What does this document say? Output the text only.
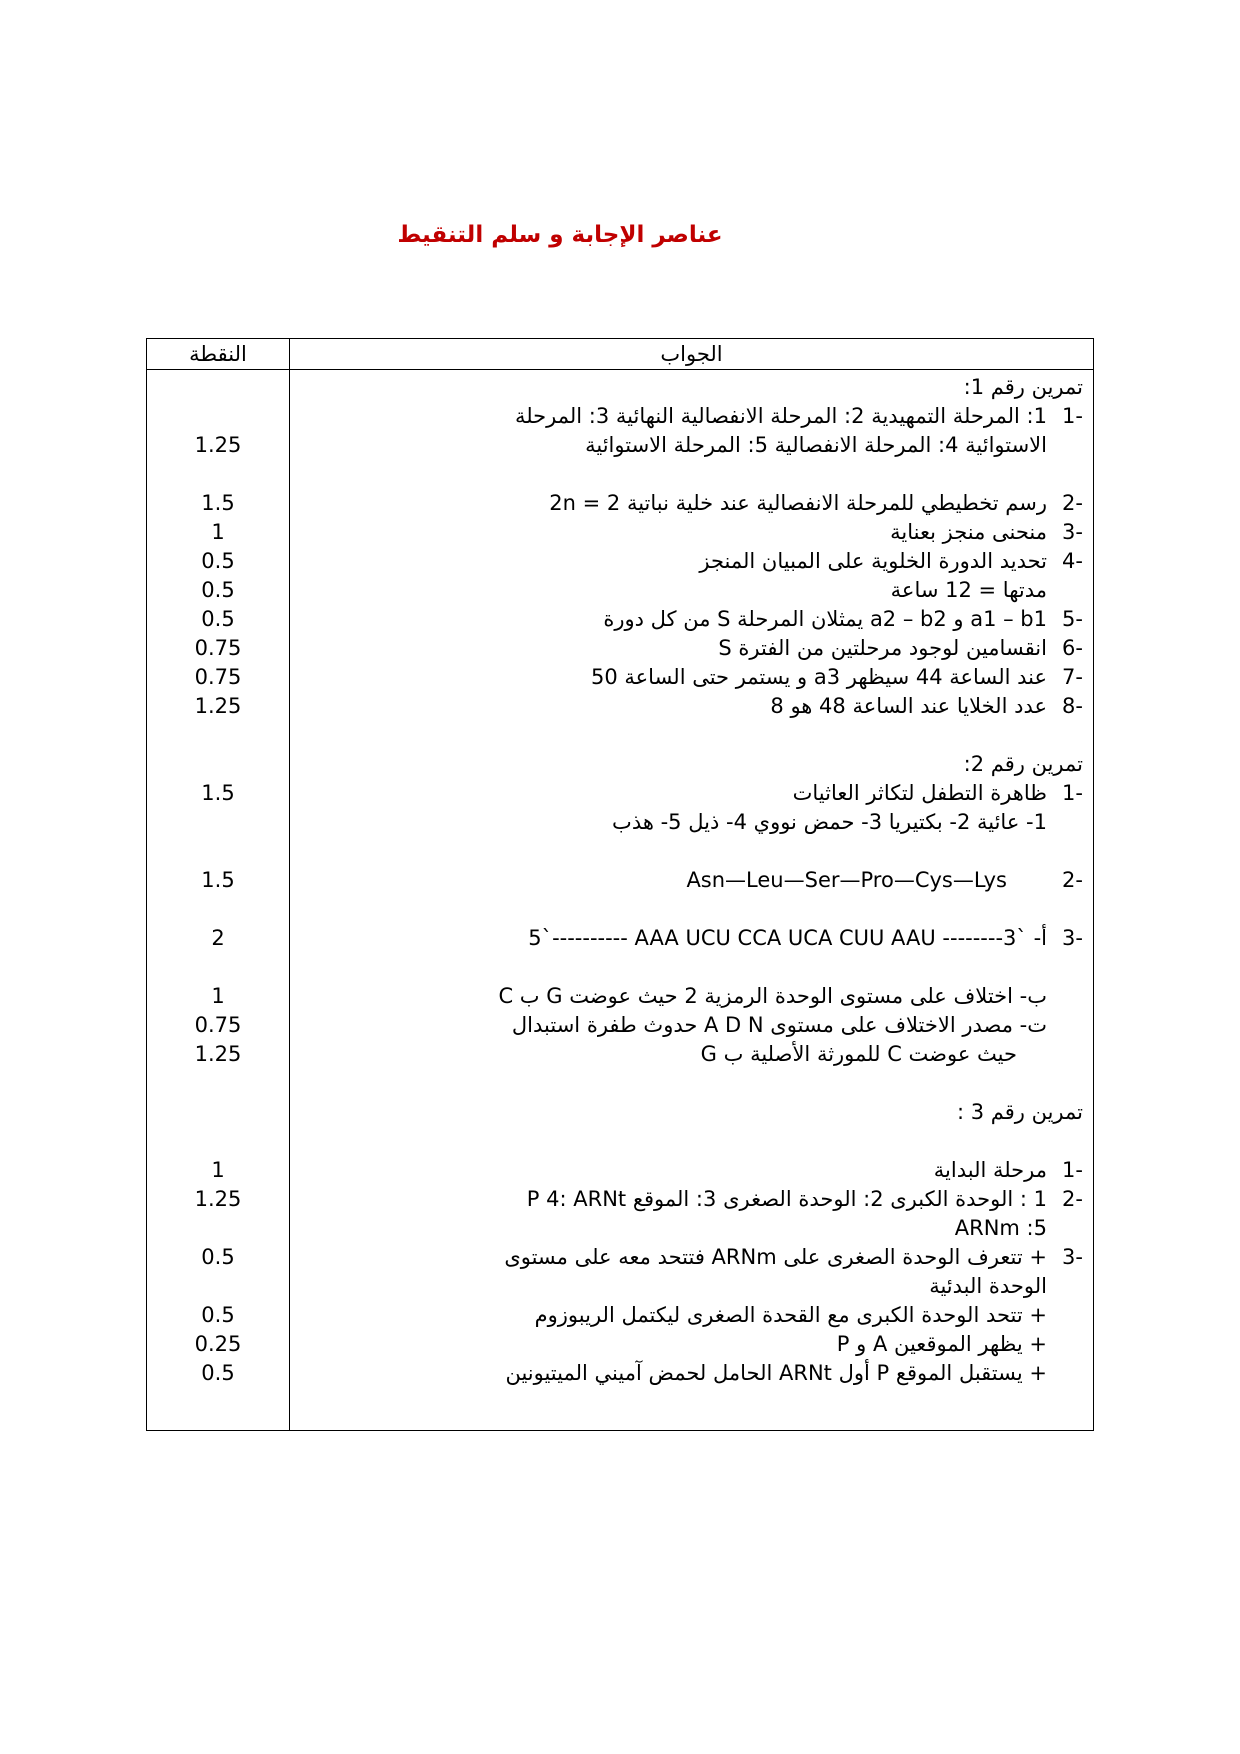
عناصر الإجابة و سلم التنقيط
النقطة	الجواب
تمرين رقم 1:
-11: المرحلة التمهيدية 2: المرحلة الانفصالية النهائية 3: المرحلة
الاستوائية 4: المرحلة الانفصالية 5: المرحلة الاستوائية
-2رسم تخطيطي للمرحلة الانفصالية عند خلية نباتية 2 = 2n
-3منحنى منجز بعناية
-4تحديد الدورة الخلوية على المبيان المنجز
مدتها = 12 ساعة
-5a1 – b1 و a2 – b2 يمثلان المرحلة S من كل دورة
-6انقسامين لوجود مرحلتين من الفترة S
-7عند الساعة 44 سيظهر a3 و يستمر حتى الساعة 50
-8عدد الخلايا عند الساعة 48 هو 8
تمرين رقم 2:
-1ظاهرة التطفل لتكاثر العاثيات
1- عائية 2- بكتيريا 3- حمض نووي 4- ذيل 5- هذب
-2Asn—Leu—Ser—Pro—Cys—Lys
-3أ- 5`---------- AAA UCU CCA UCA CUU AAU --------3`
ب- اختلاف على مستوى الوحدة الرمزية 2 حيث عوضت G ب C
ت- مصدر الاختلاف على مستوى A D N حدوث طفرة استبدال
حيث عوضت C للمورثة الأصلية ب G
تمرين رقم 3 :
-1مرحلة البداية
-21 : الوحدة الكبرى 2: الوحدة الصغرى 3: الموقع P 4: ARNt
5: ARNm
-3+ تتعرف الوحدة الصغرى على ARNm فتتحد معه على مستوى
الوحدة البدئية
+ تتحد الوحدة الكبرى مع القحدة الصغرى ليكتمل الريبوزوم
+ يظهر الموقعين A و P
+ يستقبل الموقع P أول ARNt الحامل لحمض آميني الميتيونين
1.25
1.5
1
0.5
0.5
0.5
0.75
0.75
1.25
1.5
1.5
2
1
0.75
1.25
1
1.25
0.5
0.5
0.25
0.5
